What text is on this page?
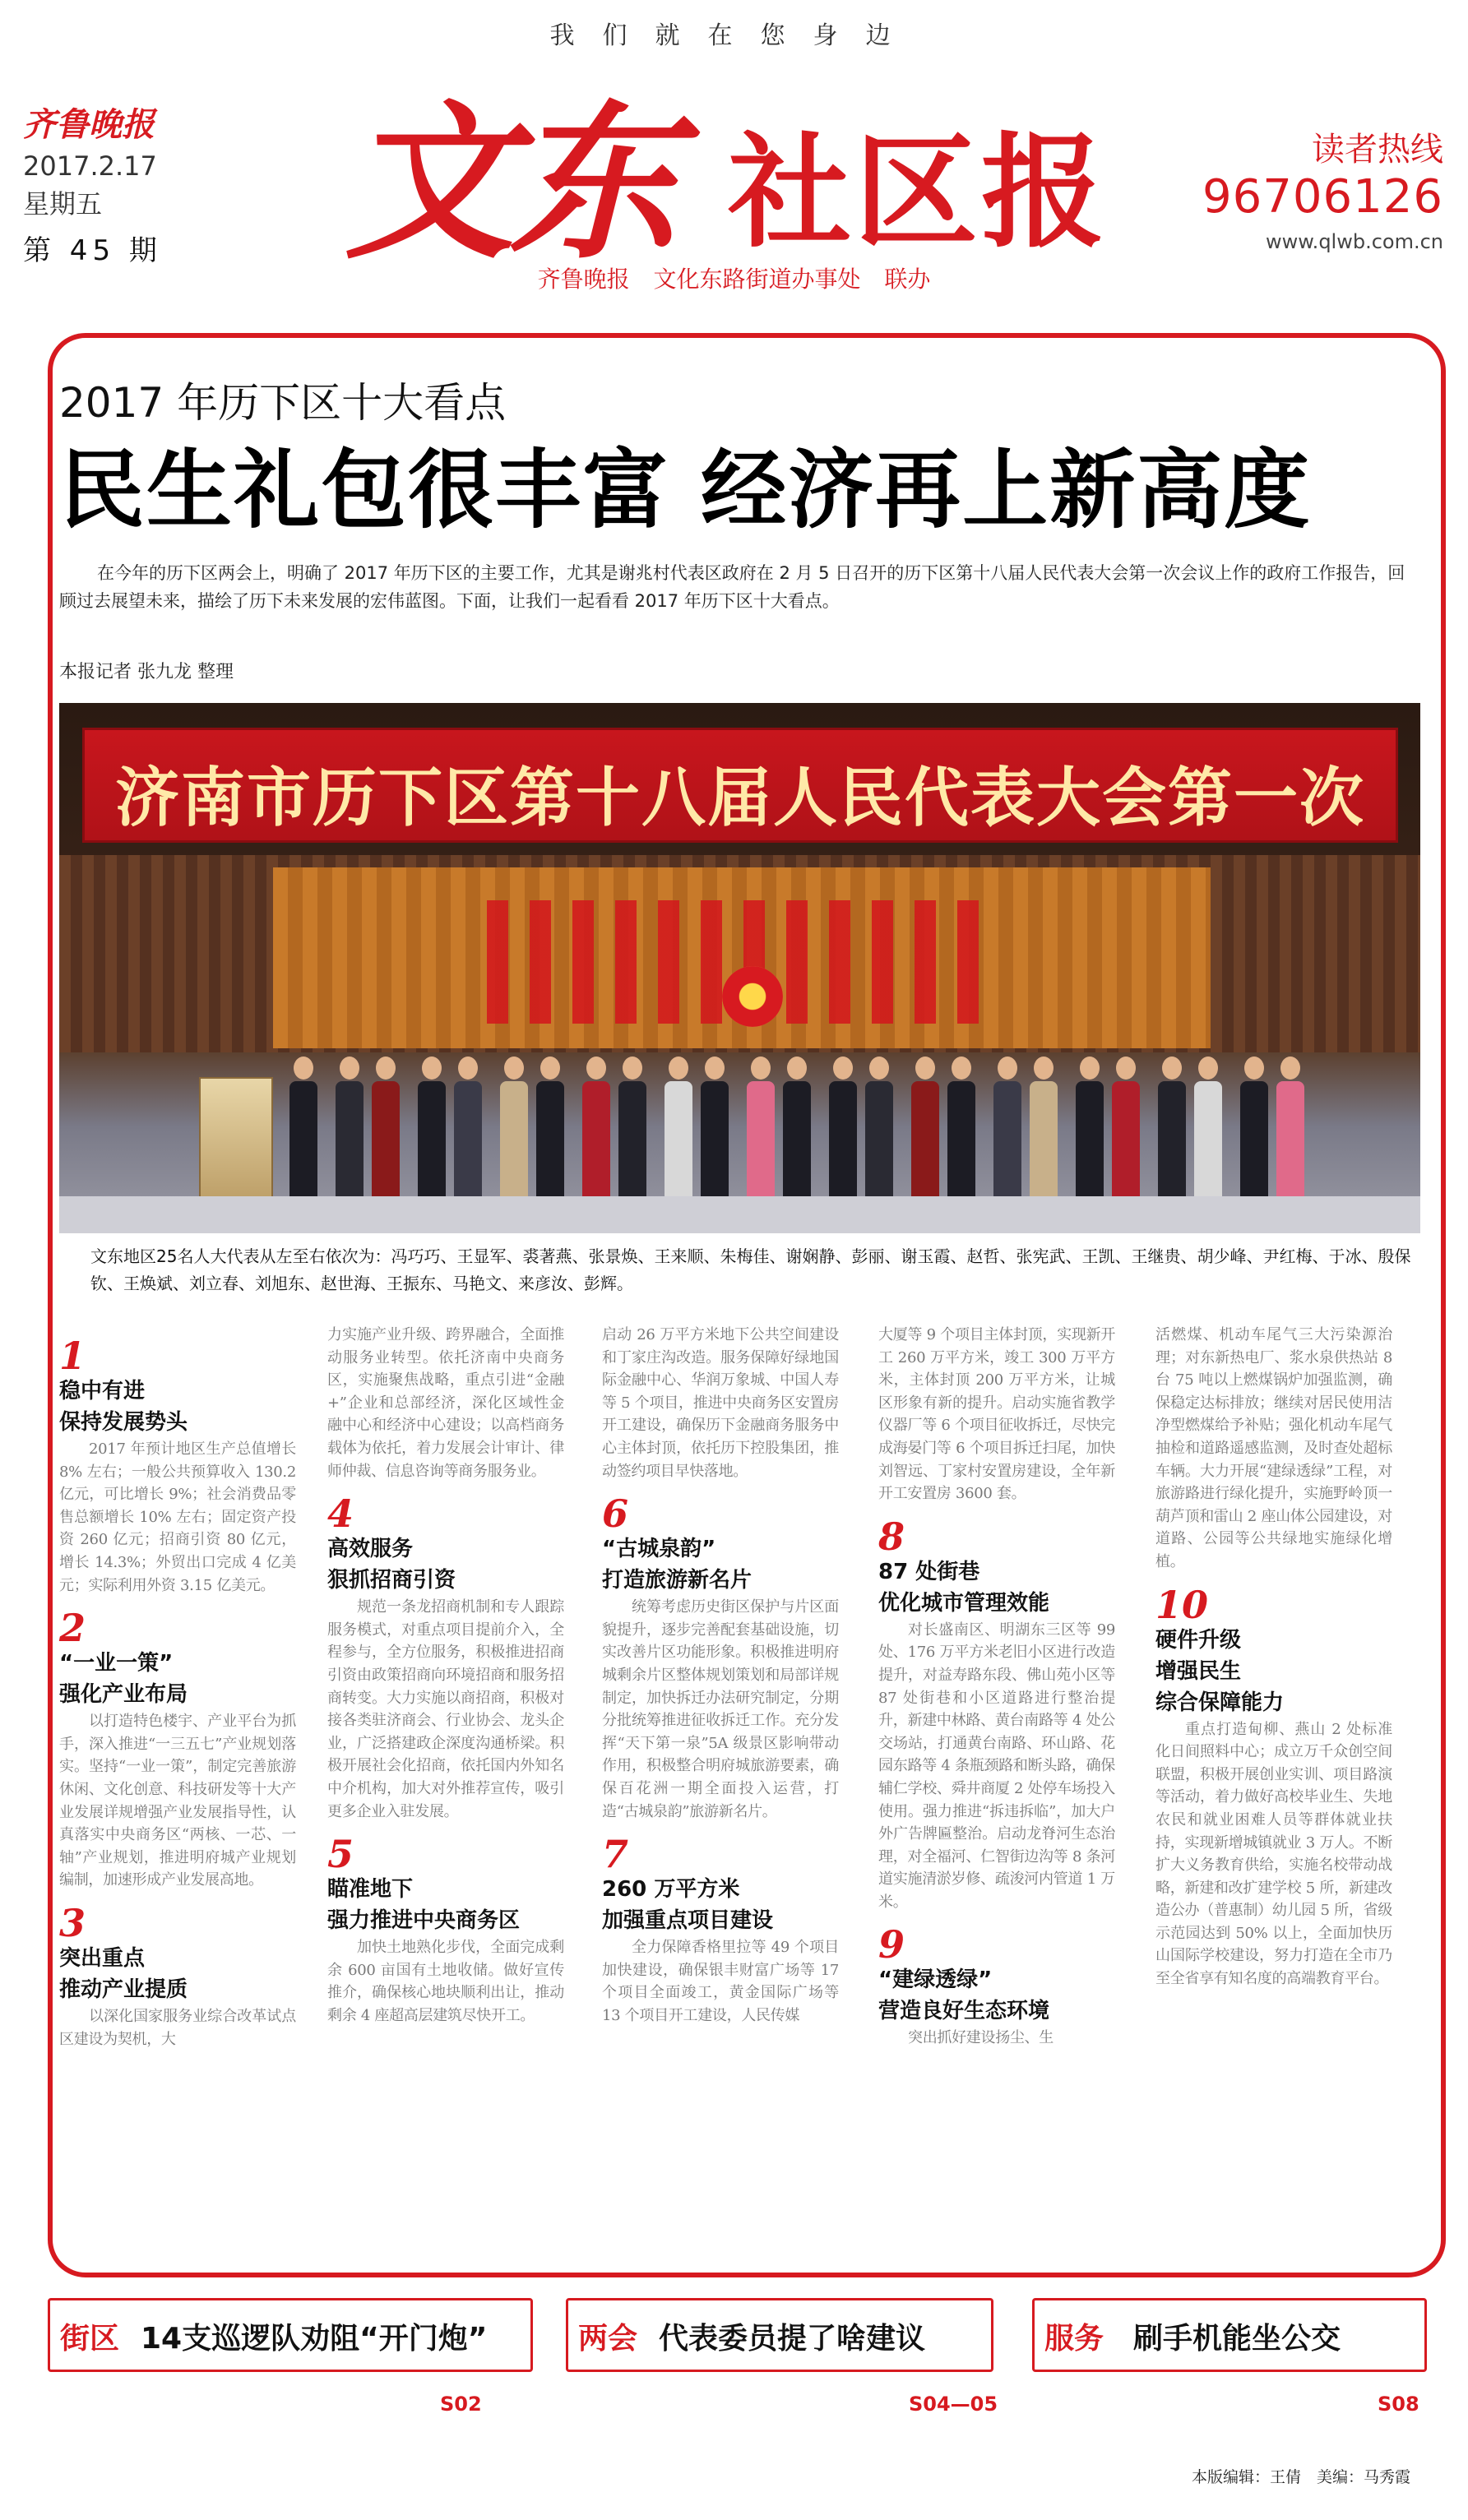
我们就在您身边
齐鲁晚报
2017.2.17
星期五
第 45 期	文东 社区报	读者热线
96706126
www.qlwb.com.cn
齐鲁晚报 文化东路街道办事处 联办
2017 年历下区十大看点
民生礼包很丰富 经济再上新高度
在今年的历下区两会上，明确了 2017 年历下区的主要工作，尤其是谢兆村代表区政府在 2 月 5 日召开的历下区第十八届人民代表大会第一次会议上作的政府工作报告，回顾过去展望未来，描绘了历下未来发展的宏伟蓝图。下面，让我们一起看看 2017 年历下区十大看点。
本报记者 张九龙 整理
济南市历下区第十八届人民代表大会第一次
文东地区25名人大代表从左至右依次为：冯巧巧、王显军、裘著燕、张景焕、王来顺、朱梅佳、谢娴静、彭丽、谢玉霞、赵哲、张宪武、王凯、王继贵、胡少峰、尹红梅、于冰、殷保钦、王焕斌、刘立春、刘旭东、赵世海、王振东、马艳文、来彦汝、彭辉。
1
稳中有进
保持发展势头
2017 年预计地区生产总值增长 8% 左右；一般公共预算收入 130.2 亿元，可比增长 9%；社会消费品零售总额增长 10% 左右；固定资产投资 260 亿元；招商引资 80 亿元，增长 14.3%；外贸出口完成 4 亿美元；实际利用外资 3.15 亿美元。
2
“一业一策”
强化产业布局
以打造特色楼宇、产业平台为抓手，深入推进“一三五七”产业规划落实。坚持“一业一策”，制定完善旅游休闲、文化创意、科技研发等十大产业发展详规增强产业发展指导性，认真落实中央商务区“两核、一芯、一轴”产业规划，推进明府城产业规划编制，加速形成产业发展高地。
3
突出重点
推动产业提质
以深化国家服务业综合改革试点区建设为契机，大
力实施产业升级、跨界融合，全面推动服务业转型。依托济南中央商务区，实施聚焦战略，重点引进“金融+”企业和总部经济，深化区域性金融中心和经济中心建设；以高档商务载体为依托，着力发展会计审计、律师仲裁、信息咨询等商务服务业。
4
高效服务
狠抓招商引资
规范一条龙招商机制和专人跟踪服务模式，对重点项目提前介入，全程参与，全方位服务，积极推进招商引资由政策招商向环境招商和服务招商转变。大力实施以商招商，积极对接各类驻济商会、行业协会、龙头企业，广泛搭建政企深度沟通桥梁。积极开展社会化招商，依托国内外知名中介机构，加大对外推荐宣传，吸引更多企业入驻发展。
5
瞄准地下
强力推进中央商务区
加快土地熟化步伐，全面完成剩余 600 亩国有土地收储。做好宣传推介，确保核心地块顺利出让，推动剩余 4 座超高层建筑尽快开工。
启动 26 万平方米地下公共空间建设和丁家庄沟改造。服务保障好绿地国际金融中心、华润万象城、中国人寿等 5 个项目，推进中央商务区安置房开工建设，确保历下金融商务服务中心主体封顶，依托历下控股集团，推动签约项目早快落地。
6
“古城泉韵”
打造旅游新名片
统筹考虑历史街区保护与片区面貌提升，逐步完善配套基础设施，切实改善片区功能形象。积极推进明府城剩余片区整体规划策划和局部详规制定，加快拆迁办法研究制定，分期分批统筹推进征收拆迁工作。充分发挥“天下第一泉”5A 级景区影响带动作用，积极整合明府城旅游要素，确保百花洲一期全面投入运营，打造“古城泉韵”旅游新名片。
7
260 万平方米
加强重点项目建设
全力保障香格里拉等 49 个项目加快建设，确保银丰财富广场等 17 个项目全面竣工，黄金国际广场等 13 个项目开工建设，人民传媒
大厦等 9 个项目主体封顶，实现新开工 260 万平方米，竣工 300 万平方米，主体封顶 200 万平方米，让城区形象有新的提升。启动实施省教学仪器厂等 6 个项目征收拆迁，尽快完成海晏门等 6 个项目拆迁扫尾，加快刘智远、丁家村安置房建设，全年新开工安置房 3600 套。
8
87 处街巷
优化城市管理效能
对长盛南区、明湖东三区等 99 处、176 万平方米老旧小区进行改造提升，对益寿路东段、佛山苑小区等 87 处街巷和小区道路进行整治提升，新建中林路、黄台南路等 4 处公交场站，打通黄台南路、环山路、花园东路等 4 条瓶颈路和断头路，确保辅仁学校、舜井商厦 2 处停车场投入使用。强力推进“拆违拆临”，加大户外广告牌匾整治。启动龙脊河生态治理，对全福河、仁智街边沟等 8 条河道实施清淤岁修、疏浚河内管道 1 万米。
9
“建绿透绿”
营造良好生态环境
突出抓好建设扬尘、生
活燃煤、机动车尾气三大污染源治理；对东新热电厂、浆水泉供热站 8 台 75 吨以上燃煤锅炉加强监测，确保稳定达标排放；继续对居民使用洁净型燃煤给予补贴；强化机动车尾气抽检和道路遥感监测，及时查处超标车辆。大力开展“建绿透绿”工程，对旅游路进行绿化提升，实施野岭顶一葫芦顶和雷山 2 座山体公园建设，对道路、公园等公共绿地实施绿化增植。
10
硬件升级
增强民生
综合保障能力
重点打造甸柳、燕山 2 处标准化日间照料中心；成立万千众创空间联盟，积极开展创业实训、项目路演等活动，着力做好高校毕业生、失地农民和就业困难人员等群体就业扶持，实现新增城镇就业 3 万人。不断扩大义务教育供给，实施名校带动战略，新建和改扩建学校 5 所，新建改造公办（普惠制）幼儿园 5 所，省级示范园达到 50% 以上，全面加快历山国际学校建设，努力打造在全市乃至全省享有知名度的高端教育平台。
街区 14支巡逻队劝阻“开门炮”	两会 代表委员提了啥建议	服务 刷手机能坐公交
S02	S04—05	S08
本版编辑：王倩　美编：马秀霞
